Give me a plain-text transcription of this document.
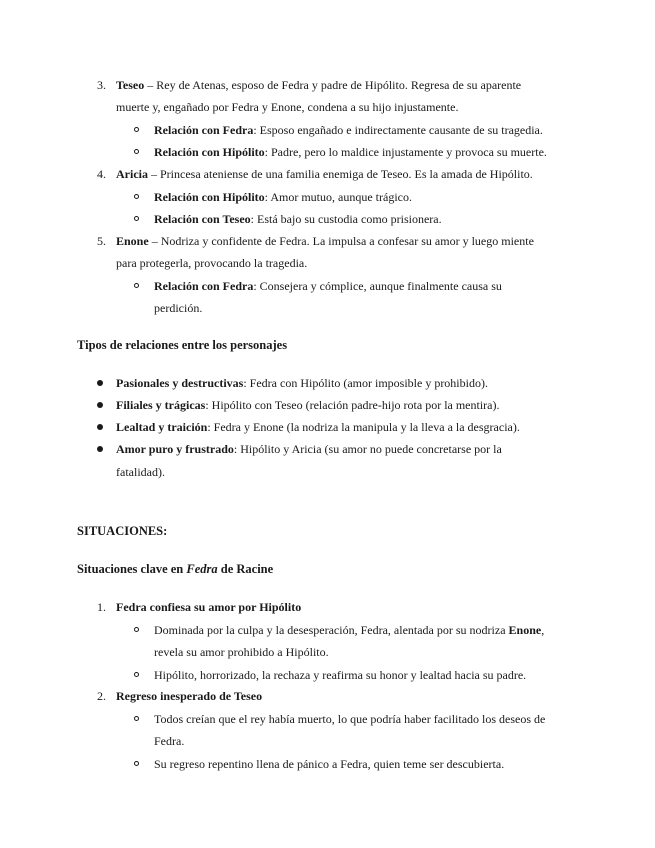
3. Teseo – Rey de Atenas, esposo de Fedra y padre de Hipólito. Regresa de su aparente
muerte y, engañado por Fedra y Enone, condena a su hijo injustamente.
Relación con Fedra: Esposo engañado e indirectamente causante de su tragedia.
Relación con Hipólito: Padre, pero lo maldice injustamente y provoca su muerte.
4. Aricia – Princesa ateniense de una familia enemiga de Teseo. Es la amada de Hipólito.
Relación con Hipólito: Amor mutuo, aunque trágico.
Relación con Teseo: Está bajo su custodia como prisionera.
5. Enone – Nodriza y confidente de Fedra. La impulsa a confesar su amor y luego miente
para protegerla, provocando la tragedia.
Relación con Fedra: Consejera y cómplice, aunque finalmente causa su
perdición.
Tipos de relaciones entre los personajes
Pasionales y destructivas: Fedra con Hipólito (amor imposible y prohibido).
Filiales y trágicas: Hipólito con Teseo (relación padre-hijo rota por la mentira).
Lealtad y traición: Fedra y Enone (la nodriza la manipula y la lleva a la desgracia).
Amor puro y frustrado: Hipólito y Aricia (su amor no puede concretarse por la
fatalidad).
SITUACIONES:
Situaciones clave en Fedra de Racine
1. Fedra confiesa su amor por Hipólito
Dominada por la culpa y la desesperación, Fedra, alentada por su nodriza Enone,
revela su amor prohibido a Hipólito.
Hipólito, horrorizado, la rechaza y reafirma su honor y lealtad hacia su padre.
2. Regreso inesperado de Teseo
Todos creían que el rey había muerto, lo que podría haber facilitado los deseos de
Fedra.
Su regreso repentino llena de pánico a Fedra, quien teme ser descubierta.
